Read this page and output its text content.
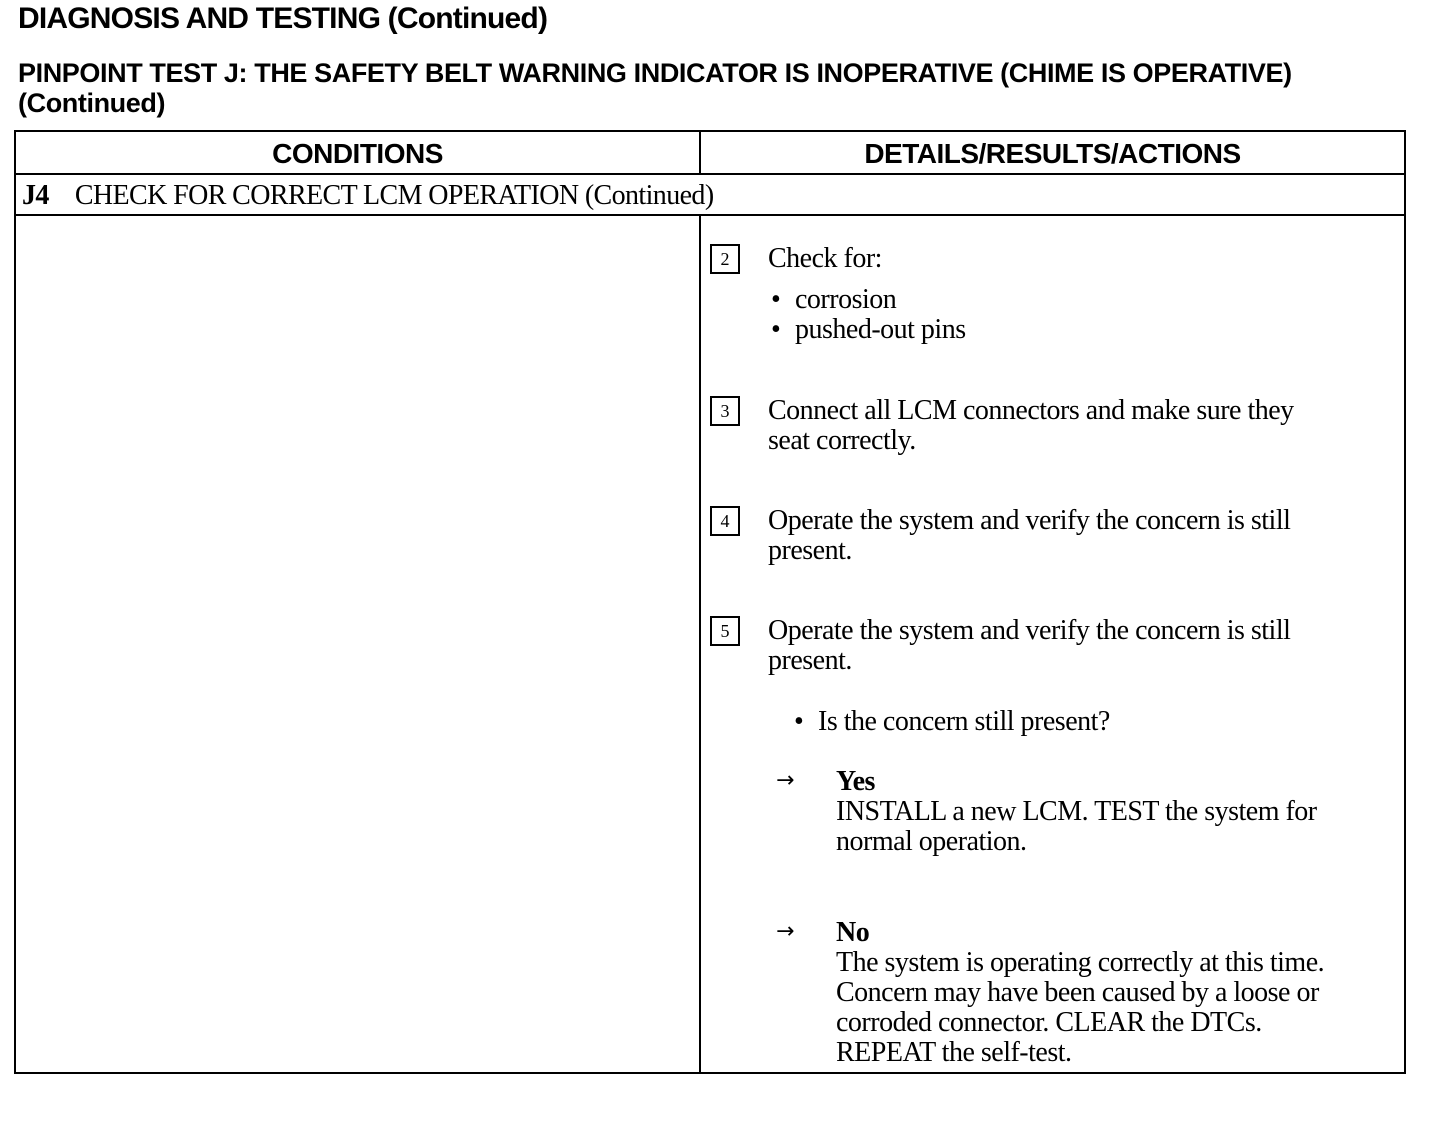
DIAGNOSIS AND TESTING (Continued)
PINPOINT TEST J: THE SAFETY BELT WARNING INDICATOR IS INOPERATIVE (CHIME IS OPERATIVE) (Continued)
CONDITIONS	DETAILS/RESULTS/ACTIONS
J4 CHECK FOR CORRECT LCM OPERATION (Continued)
2	Check for:
• corrosion
• pushed-out pins
3	Connect all LCM connectors and make sure they
seat correctly.
4	Operate the system and verify the concern is still
present.
5	Operate the system and verify the concern is still
present.
• Is the concern still present?
→ Yes
INSTALL a new LCM. TEST the system for
normal operation.
→ No
The system is operating correctly at this time.
Concern may have been caused by a loose or
corroded connector. CLEAR the DTCs.
REPEAT the self-test.
